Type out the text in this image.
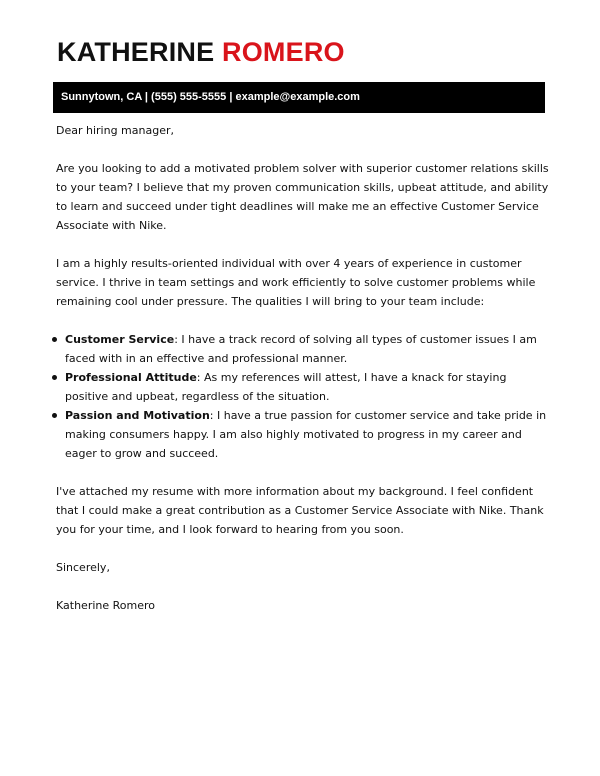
KATHERINE ROMERO
Sunnytown, CA | (555) 555-5555 | example@example.com

Dear hiring manager,

Are you looking to add a motivated problem solver with superior customer relations skills to your team? I believe that my proven communication skills, upbeat attitude, and ability to learn and succeed under tight deadlines will make me an effective Customer Service Associate with Nike.

I am a highly results-oriented individual with over 4 years of experience in customer service. I thrive in team settings and work efficiently to solve customer problems while remaining cool under pressure. The qualities I will bring to your team include:

Customer Service: I have a track record of solving all types of customer issues I am faced with in an effective and professional manner.
Professional Attitude: As my references will attest, I have a knack for staying positive and upbeat, regardless of the situation.
Passion and Motivation: I have a true passion for customer service and take pride in making consumers happy. I am also highly motivated to progress in my career and eager to grow and succeed.

I've attached my resume with more information about my background. I feel confident that I could make a great contribution as a Customer Service Associate with Nike. Thank you for your time, and I look forward to hearing from you soon.

Sincerely,

Katherine Romero
